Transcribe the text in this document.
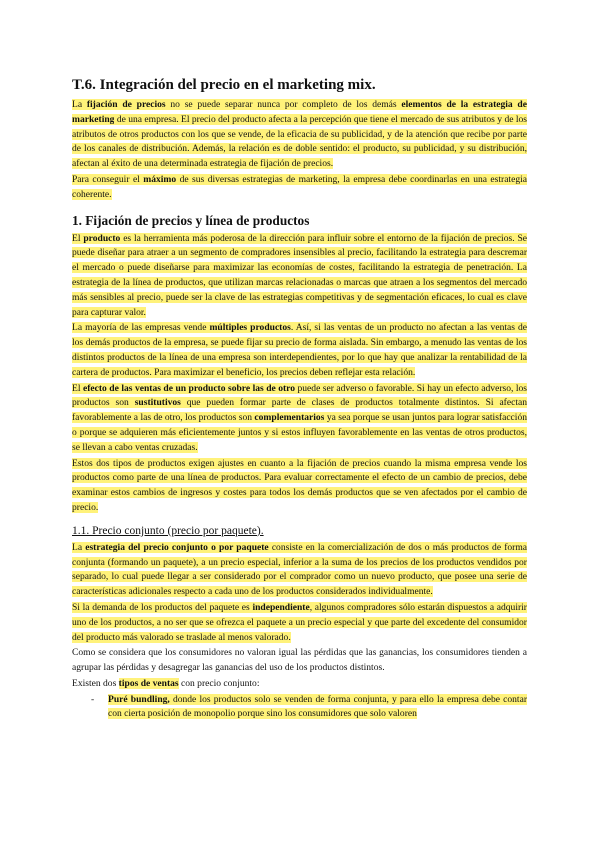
T.6. Integración del precio en el marketing mix.

La fijación de precios no se puede separar nunca por completo de los demás elementos de la estrategia de marketing de una empresa. El precio del producto afecta a la percepción que tiene el mercado de sus atributos y de los atributos de otros productos con los que se vende, de la eficacia de su publicidad, y de la atención que recibe por parte de los canales de distribución. Además, la relación es de doble sentido: el producto, su publicidad, y su distribución, afectan al éxito de una determinada estrategia de fijación de precios.

Para conseguir el máximo de sus diversas estrategias de marketing, la empresa debe coordinarlas en una estrategia coherente.

1. Fijación de precios y línea de productos

El producto es la herramienta más poderosa de la dirección para influir sobre el entorno de la fijación de precios. Se puede diseñar para atraer a un segmento de compradores insensibles al precio, facilitando la estrategia para descremar el mercado o puede diseñarse para maximizar las economías de costes, facilitando la estrategia de penetración. La estrategia de la línea de productos, que utilizan marcas relacionadas o marcas que atraen a los segmentos del mercado más sensibles al precio, puede ser la clave de las estrategias competitivas y de segmentación eficaces, lo cual es clave para capturar valor.

La mayoría de las empresas vende múltiples productos. Así, si las ventas de un producto no afectan a las ventas de los demás productos de la empresa, se puede fijar su precio de forma aislada. Sin embargo, a menudo las ventas de los distintos productos de la línea de una empresa son interdependientes, por lo que hay que analizar la rentabilidad de la cartera de productos. Para maximizar el beneficio, los precios deben reflejar esta relación.

El efecto de las ventas de un producto sobre las de otro puede ser adverso o favorable. Si hay un efecto adverso, los productos son sustitutivos que pueden formar parte de clases de productos totalmente distintos. Si afectan favorablemente a las de otro, los productos son complementarios ya sea porque se usan juntos para lograr satisfacción o porque se adquieren más eficientemente juntos y si estos influyen favorablemente en las ventas de otros productos, se llevan a cabo ventas cruzadas.

Estos dos tipos de productos exigen ajustes en cuanto a la fijación de precios cuando la misma empresa vende los productos como parte de una línea de productos. Para evaluar correctamente el efecto de un cambio de precios, debe examinar estos cambios de ingresos y costes para todos los demás productos que se ven afectados por el cambio de precio.

1.1. Precio conjunto (precio por paquete).

La estrategia del precio conjunto o por paquete consiste en la comercialización de dos o más productos de forma conjunta (formando un paquete), a un precio especial, inferior a la suma de los precios de los productos vendidos por separado, lo cual puede llegar a ser considerado por el comprador como un nuevo producto, que posee una serie de características adicionales respecto a cada uno de los productos considerados individualmente.

Si la demanda de los productos del paquete es independiente, algunos compradores sólo estarán dispuestos a adquirir uno de los productos, a no ser que se ofrezca el paquete a un precio especial y que parte del excedente del consumidor del producto más valorado se traslade al menos valorado.

Como se considera que los consumidores no valoran igual las pérdidas que las ganancias, los consumidores tienden a agrupar las pérdidas y desagregar las ganancias del uso de los productos distintos.

Existen dos tipos de ventas con precio conjunto:

- Puré bundling, donde los productos solo se venden de forma conjunta, y para ello la empresa debe contar con cierta posición de monopolio porque sino los consumidores que solo valoren
